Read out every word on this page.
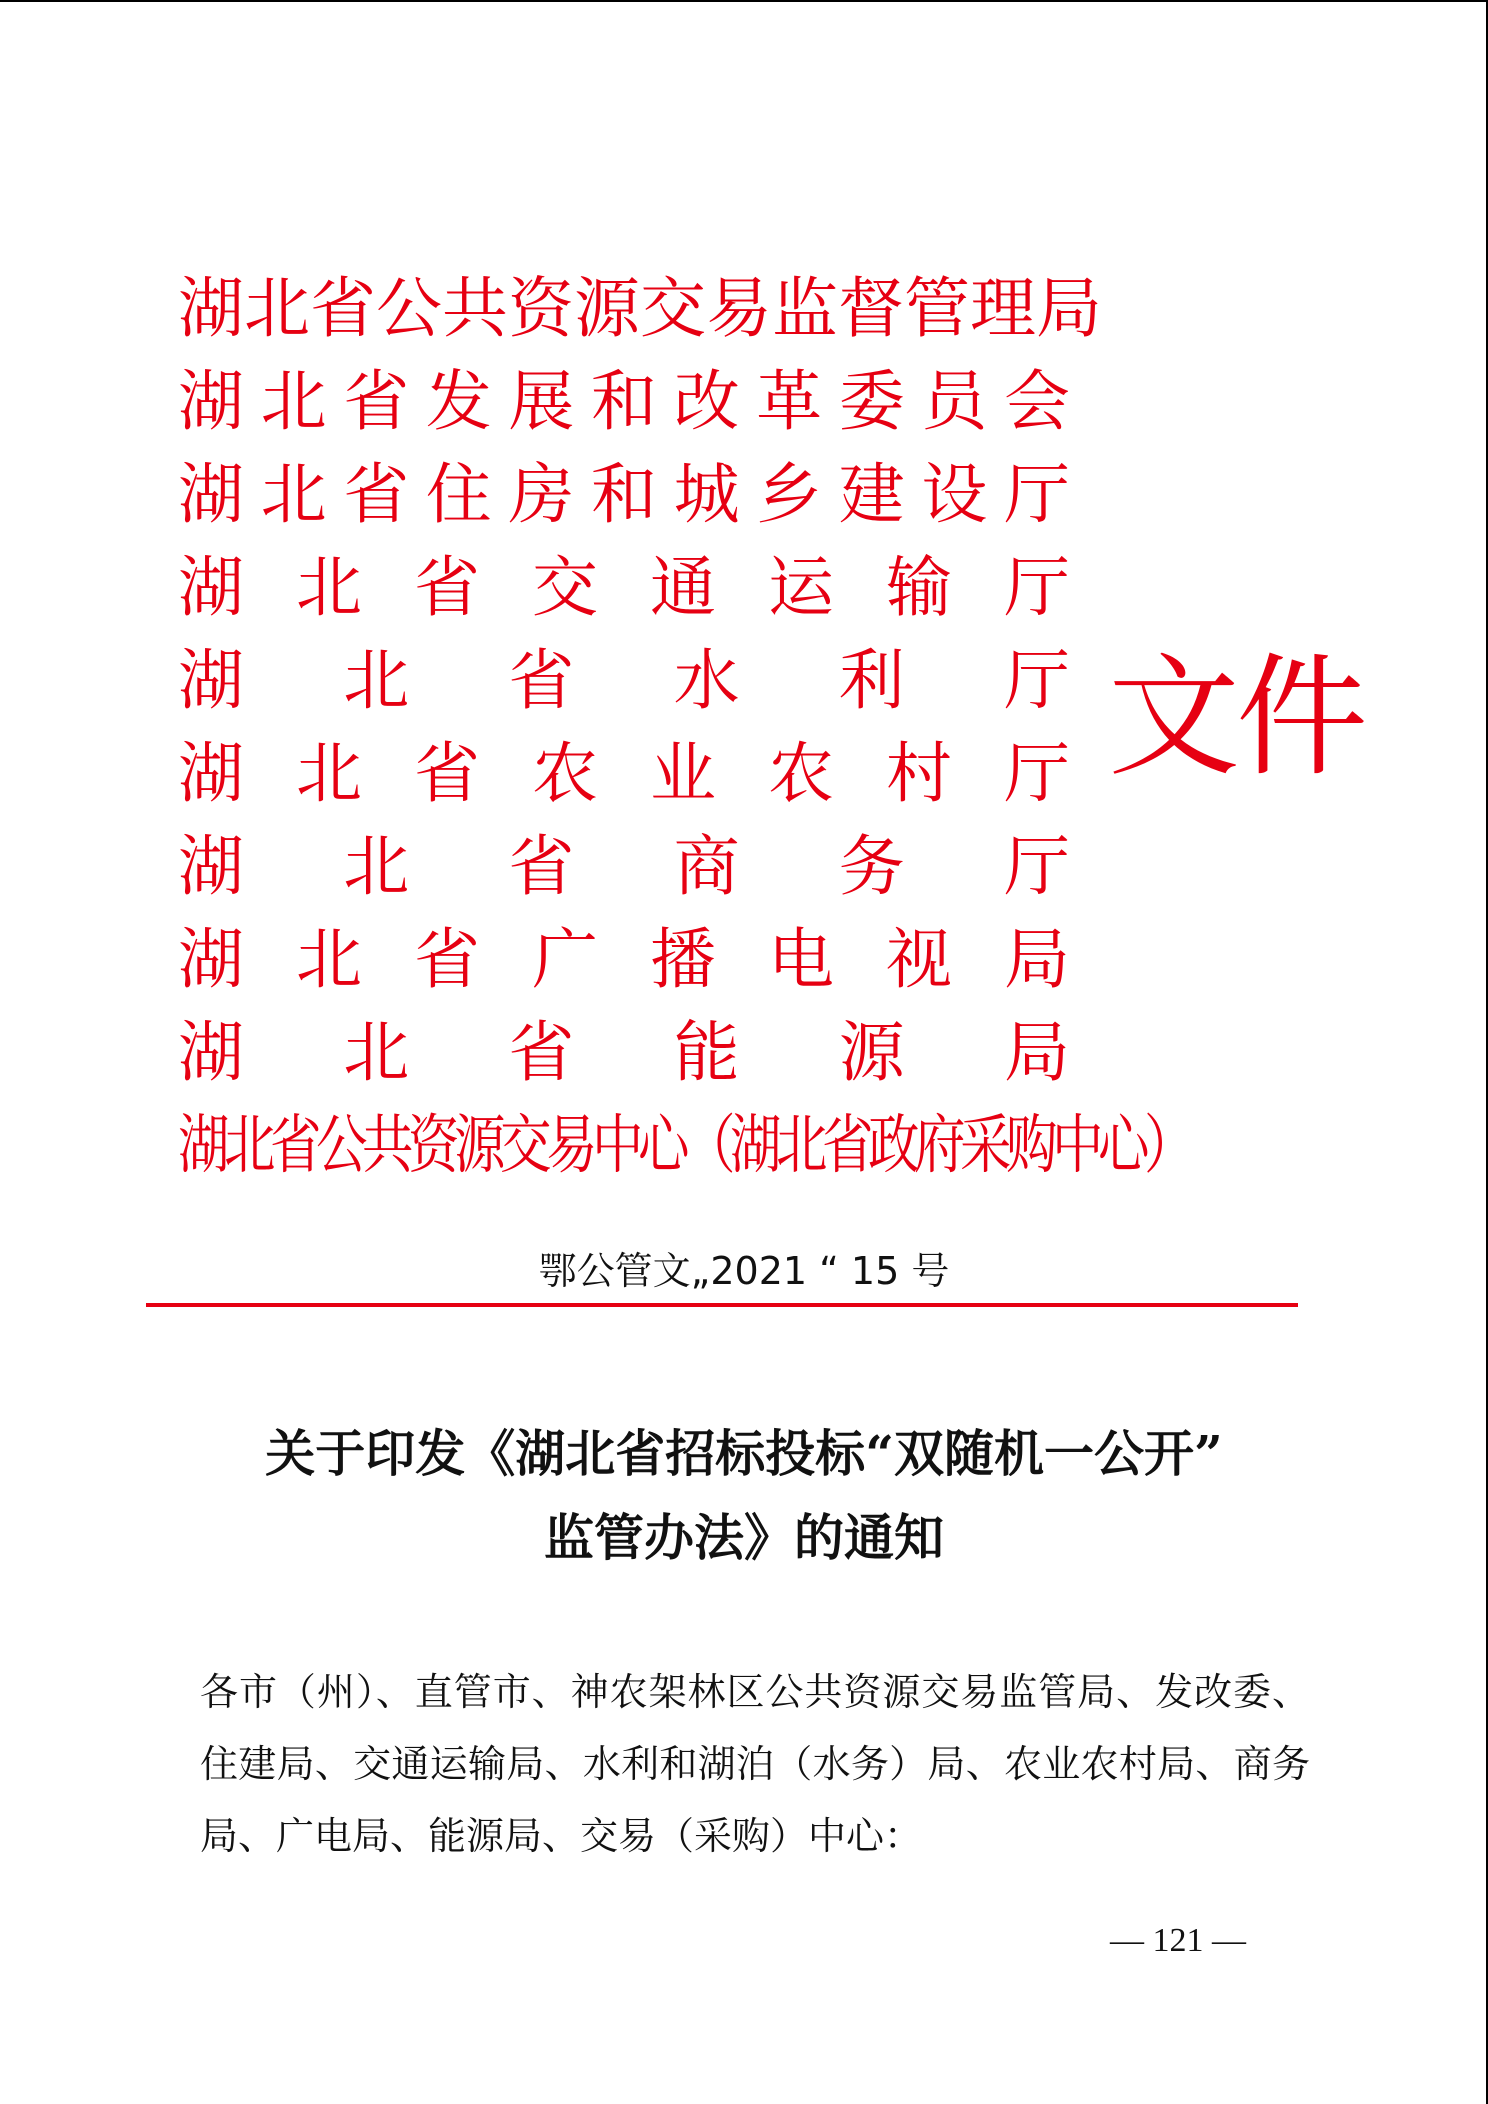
湖 北 省 公 共 资 源 交 易 监 督 管 理 局
湖 北 省 发 展 和 改 革 委 员 会
湖 北 省 住 房 和 城 乡 建 设 厅
湖 北 省 交 通 运 输 厅
湖 北 省 水 利 厅
湖 北 省 农 业 农 村 厅
湖 北 省 商 务 厅
湖 北 省 广 播 电 视 局
湖 北 省 能 源 局
湖北省公共资源交易中心（湖北省政府采购中心）
文件
鄂公管文„2021 “ 15 号
关于印发《湖北省招标投标“双随机一公开”
监管办法》的通知
各市（州）、直管市、神农架林区公共资源交易监管局、发改委、住建局、交通运输局、水利和湖泊（水务）局、农业农村局、商务局、广电局、能源局、交易（采购）中心：
— 121 —
